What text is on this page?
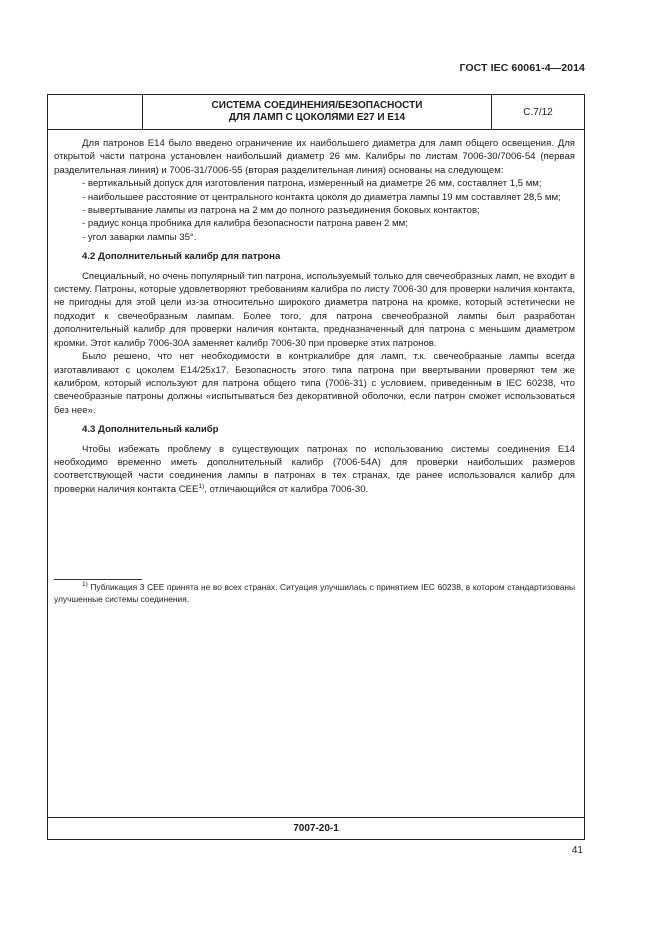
ГОСТ IEC 60061-4—2014
СИСТЕМА СОЕДИНЕНИЯ/БЕЗОПАСНОСТИ
ДЛЯ ЛАМП С ЦОКОЛЯМИ Е27 И Е14	С.7/12

Для патронов Е14 было введено ограничение их наибольшего диаметра для ламп общего освещения. Для открытой части патрона установлен наибольший диаметр 26 мм. Калибры по листам 7006-30/7006-54 (первая разделительная линия) и 7006-31/7006-55 (вторая разделительная линия) основаны на следующем:

- вертикальный допуск для изготовления патрона, измеренный на диаметре 26 мм, составляет 1,5 мм;

- наибольшее расстояние от центрального контакта цоколя до диаметра лампы 19 мм составляет 28,5 мм;

- вывертывание лампы из патрона на 2 мм до полного разъединения боковых контактов;

- радиус конца пробника для калибра безопасности патрона равен 2 мм;

- угол заварки лампы 35°.

4.2 Дополнительный калибр для патрона

Специальный, но очень популярный тип патрона, используемый только для свечеобразных ламп, не входит в систему. Патроны, которые удовлетворяют требованиям калибра по листу 7006-30 для проверки наличия контакта, не пригодны для этой цели из-за относительно широкого диаметра патрона на кромке, который эстетически не подходит к свечеобразным лампам. Более того, для патрона свечеобразной лампы был разработан дополнительный калибр для проверки наличия контакта, предназначенный для патрона с меньшим диаметром кромки. Этот калибр 7006-30А заменяет калибр 7006-30 при проверке этих патронов.

Было решено, что нет необходимости в контркалибре для ламп, т.к. свечеобразные лампы всегда изготавливают с цоколем Е14/25х17. Безопасность этого типа патрона при ввертывании проверяют тем же калибром, который используют для патрона общего типа (7006-31) с условием, приведенным в IEC 60238, что свечеобразные патроны должны «испытываться без декоративной оболочки, если патрон сможет использоваться без нее».

4.3 Дополнительный калибр

Чтобы избежать проблему в существующих патронах по использованию системы соединения Е14 необходимо временно иметь дополнительный калибр (7006-54А) для проверки наибольших размеров соответствующей части соединения лампы в патронах в тех странах, где ранее использовался калибр для проверки наличия контакта СЕЕ$^{1)}$, отличающийся от калибра 7006-30.

$^{1)}$ Публикация 3 СЕЕ принята не во всех странах. Ситуация улучшилась с принятием IEC 60238, в котором стандартизованы улучшенные системы соединения.
7007-20-1
41
